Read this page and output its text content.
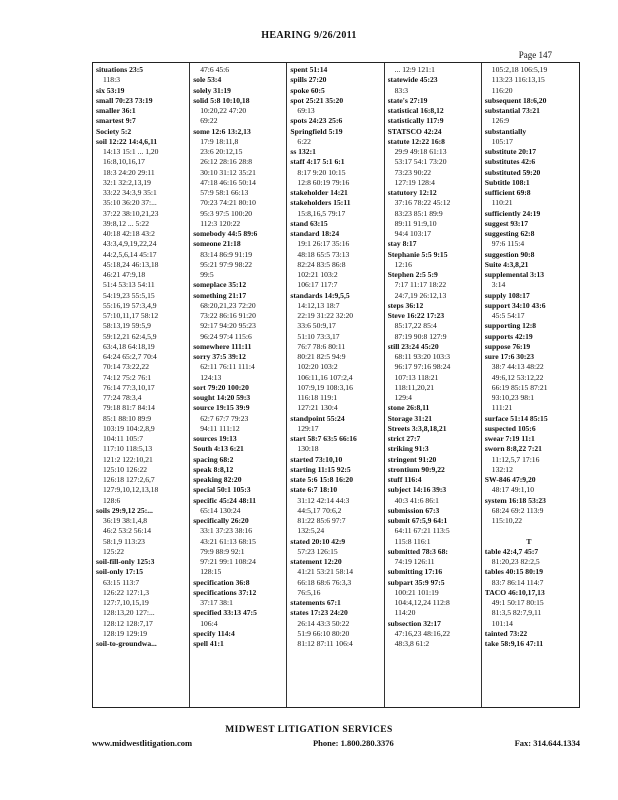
HEARING 9/26/2011
Page 147
situations 23:5
118:3
six 53:19
small 70:23 73:19
smaller 36:1
smartest 9:7
Society 5:2
soil 12:22 14:4,6,11
14:13 15:1 ... 1,20
16:8,10,16,17
18:3 24:20 29:11
32:1 32:2,13,19
33:22 34:3,9 35:1
35:10 36:20 37:...
37:22 38:10,21,23
39:8,12 ... 5:22
40:18 42:18 43:2
43:3,4,9,19,22,24
44:2,5,6,14 45:17
45:18,24 46:13,18
46:21 47:9,18
51:4 53:13 54:11
54:19,23 55:5,15
55:16,19 57:3,4,9
57:10,11,17 58:12
58:13,19 59:5,9
59:12,21 62:4,5,9
63:4,18 64:18,19
64:24 65:2,7 70:4
70:14 73:22,22
74:12 75:2 76:1
76:14 77:3,10,17
77:24 78:3,4
79:18 81:7 84:14
85:1 88:10 89:9
103:19 104:2,8,9
104:11 105:7
117:10 118:5,13
121:2 122:10,21
125:10 126:22
126:18 127:2,6,7
127:9,10,12,13,18
128:6
soils 29:9,12 25:...
36:19 38:1,4,8
46:2 53:2 56:14
58:1,9 113:23
125:22
soil-fill-only 125:3
soil-only 17:15
63:15 113:7
126:22 127:1,3
127:7,10,15,19
128:13,20 127:...
128:12 128:7,17
128:19 129:19
soil-to-groundwa...
47:6 45:6
sole 53:4
solely 31:19
solid 5:8 10:10,18
10:20,22 47:20
69:22
some 12:6 13:2,13
17:9 18:11,8
23:6 20:12,15
26:12 28:16 28:8
30:10 31:12 35:21
47:18 46:16 50:14
57:9 58:1 66:13
70:23 74:21 80:10
95:3 97:5 100:20
112:3 120:22
somebody 44:5 89:6
someone 21:18
83:14 86:9 91:19
95:21 97:9 98:22
99:5
someplace 35:12
something 21:17
68:20,21,23 72:20
73:22 86:16 91:20
92:17 94:20 95:23
96:24 97:4 115:6
somewhere 111:11
sorry 37:5 39:12
62:11 76:11 111:4
124:13
sort 79:20 100:20
sought 14:20 59:3
source 19:15 39:9
62:7 67:7 79:23
94:11 111:12
sources 19:13
South 4:13 6:21
spacing 68:2
speak 8:8,12
speaking 82:20
special 50:1 105:3
specific 45:24 48:11
65:14 130:24
specifically 26:20
33:1 37:23 38:16
43:21 61:13 68:15
79:9 88:9 92:1
97:21 99:1 108:24
128:15
specification 36:8
specifications 37:12
37:17 38:1
specified 33:13 47:5
106:4
specify 114:4
spell 41:1
spent 51:14
spills 27:20
spoke 60:5
spot 25:21 35:20
69:13
spots 24:23 25:6
Springfield 5:19
6:22
ss 132:1
staff 4:17 5:1 6:1
8:17 9:20 10:15
12:8 60:19 79:16
stakeholder 14:21
stakeholders 15:11
15:8,16,5 79:17
stand 63:15
standard 18:24
19:1 26:17 35:16
48:18 65:5 73:13
82:24 83:5 86:8
102:21 103:2
106:17 117:7
standards 14:9,5,5
14:12,13 18:7
22:19 31:22 32:20
33:6 50:9,17
51:10 73:3,17
76:7 78:6 80:11
80:21 82:5 94:9
102:20 103:2
106:11,16 107:2,4
107:9,19 108:3,16
116:18 119:1
127:21 130:4
standpoint 55:24
129:17
start 58:7 63:5 66:16
130:18
started 73:10,10
starting 11:15 92:5
state 5:6 15:8 16:20
state 6:7 18:10
31:12 42:14 44:3
44:5,17 70:6,2
81:22 85:6 97:7
132:5,24
stated 20:10 42:9
57:23 126:15
statement 12:20
41:21 53:21 58:14
66:18 68:6 76:3,3
76:5,16
statements 67:1
states 17:23 24:20
26:14 43:3 50:22
51:9 66:10 80:20
81:12 87:11 106:4
... 12:9 121:1
statewide 45:23
83:3
state's 27:19
statistical 16:8,12
statistically 117:9
STATSCO 42:24
statute 12:22 16:8
29:9 49:18 61:13
53:17 54:1 73:20
73:23 90:22
127:19 128:4
statutory 12:12
37:16 78:22 45:12
83:23 85:1 89:9
89:11 91:9,10
94:4 103:17
stay 8:17
Stephanie 5:5 9:15
12:16
Stephen 2:5 5:9
7:17 11:17 18:22
24:7,19 26:12,13
steps 36:12
Steve 16:22 17:23
85:17,22 85:4
87:19 90:8 127:9
still 23:24 45:20
68:11 93:20 103:3
96:17 97:16 98:24
107:13 118:21
118:11,20,21
129:4
stone 26:8,11
Storage 31:21
Streets 3:3,8,18,21
strict 27:7
striking 91:3
stringent 91:20
strontium 90:9,22
stuff 116:4
subject 14:16 39:3
40:3 41:6 86:1
submission 67:3
submit 67:5,9 64:1
64:11 67:21 113:5
115:8 116:1
submitted 78:3 68:
74:19 126:11
submitting 17:16
subpart 35:9 97:5
100:21 101:19
104:4,12,24 112:8
114:20
subsection 32:17
47:16,23 48:16,22
48:3,8 61:2
105:2,18 106:5,19
113:23 116:13,15
116:20
subsequent 18:6,20
substantial 73:21
126:9
substantially
105:17
substitute 20:17
substitutes 42:6
substituted 59:20
Subtitle 108:1
sufficient 69:8
110:21
sufficiently 24:19
suggest 93:17
suggesting 62:8
97:6 115:4
suggestion 90:8
Suite 4:3,8,21
supplemental 3:13
3:14
supply 108:17
support 34:10 43:6
45:5 54:17
supporting 12:8
supports 42:19
suppose 76:19
sure 17:6 30:23
38:7 44:13 48:22
49:6,12 53:12,22
66:19 85:15 87:21
93:10,23 98:1
111:21
surface 51:14 85:15
suspected 105:6
swear 7:19 11:1
sworn 8:8,22 7:21
11:12,5,7 17:16
132:12
SW-846 47:9,20
48:17 49:1,10
system 16:18 53:23
68:24 69:2 113:9
115:10,22
T
table 42:4,7 45:7
81:20,23 82:2,5
tables 40:15 80:19
83:7 86:14 114:7
TACO 46:10,17,13
49:1 50:17 80:15
81:3,5 82:7,9,11
101:14
tainted 73:22
take 58:9,16 47:11
MIDWEST LITIGATION SERVICES
www.midwestlitigation.com	Phone: 1.800.280.3376	Fax: 314.644.1334
